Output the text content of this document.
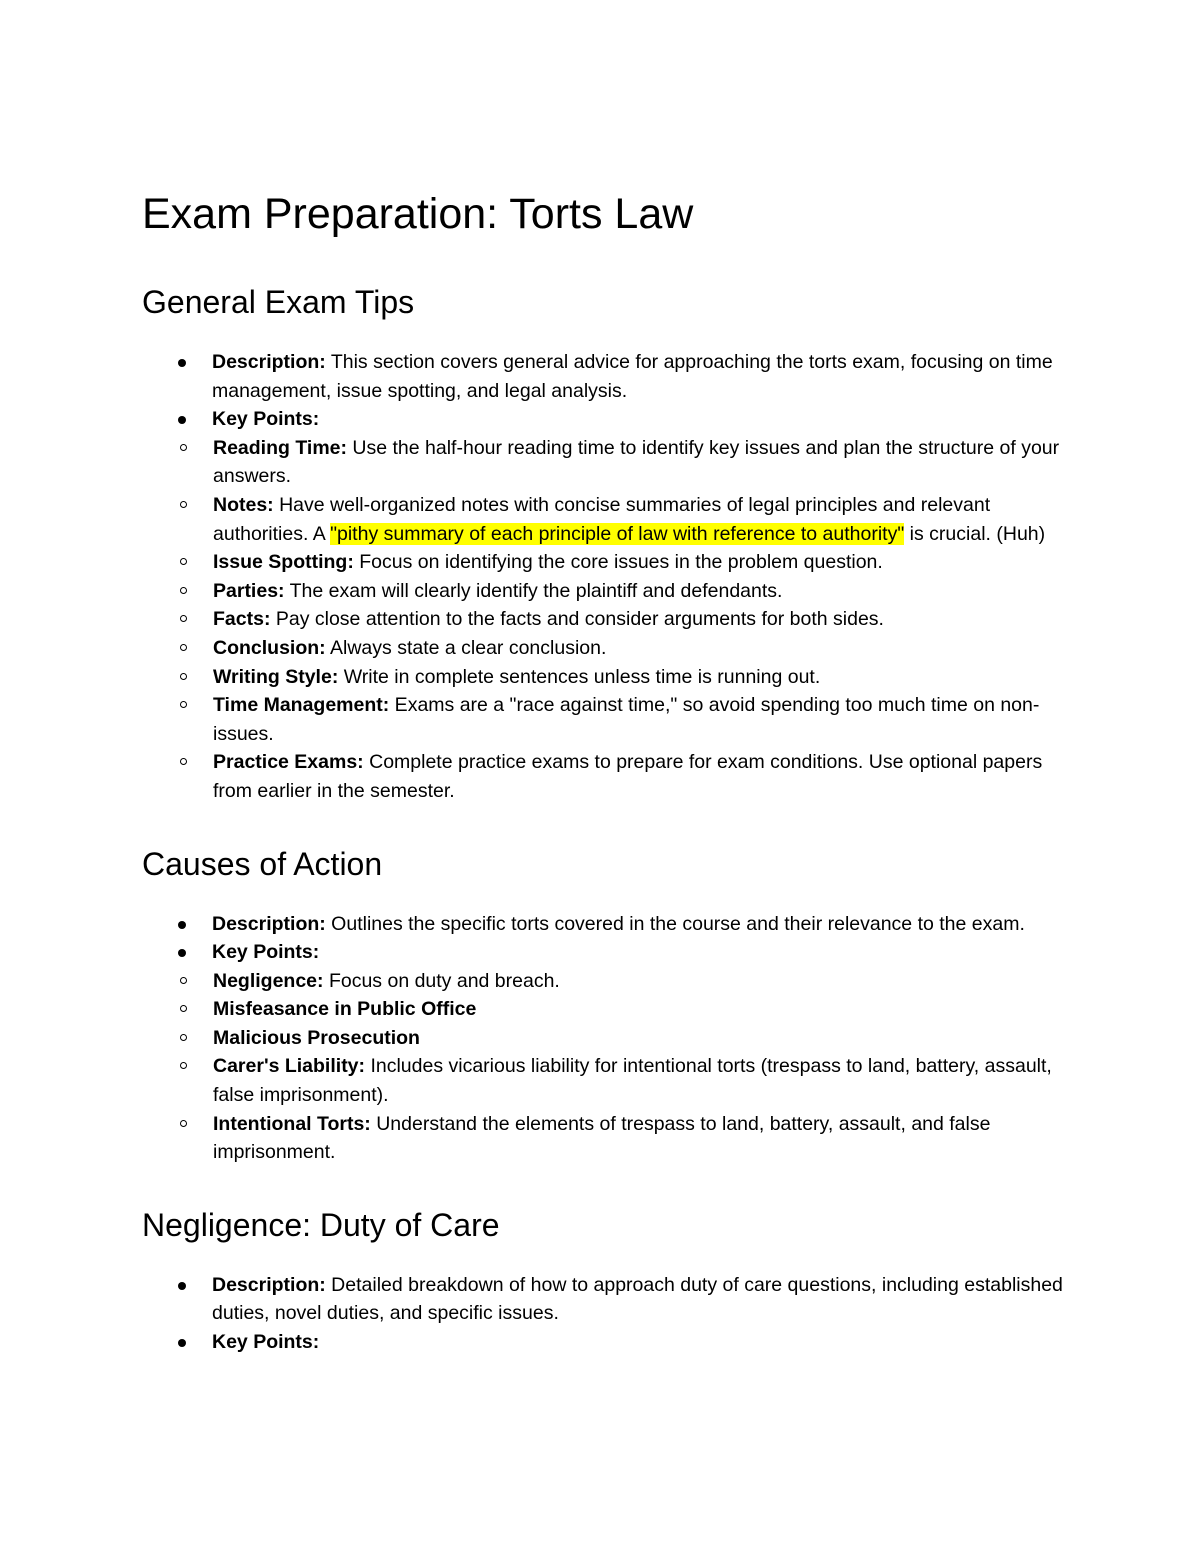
Exam Preparation: Torts Law
General Exam Tips
Description: This section covers general advice for approaching the torts exam, focusing on time management, issue spotting, and legal analysis.
Key Points:
Reading Time: Use the half-hour reading time to identify key issues and plan the structure of your answers.
Notes: Have well-organized notes with concise summaries of legal principles and relevant authorities. A "pithy summary of each principle of law with reference to authority" is crucial. (Huh)
Issue Spotting: Focus on identifying the core issues in the problem question.
Parties: The exam will clearly identify the plaintiff and defendants.
Facts: Pay close attention to the facts and consider arguments for both sides.
Conclusion: Always state a clear conclusion.
Writing Style: Write in complete sentences unless time is running out.
Time Management: Exams are a "race against time," so avoid spending too much time on non-issues.
Practice Exams: Complete practice exams to prepare for exam conditions. Use optional papers from earlier in the semester.
Causes of Action
Description: Outlines the specific torts covered in the course and their relevance to the exam.
Key Points:
Negligence: Focus on duty and breach.
Misfeasance in Public Office
Malicious Prosecution
Carer's Liability: Includes vicarious liability for intentional torts (trespass to land, battery, assault, false imprisonment).
Intentional Torts: Understand the elements of trespass to land, battery, assault, and false imprisonment.
Negligence: Duty of Care
Description: Detailed breakdown of how to approach duty of care questions, including established duties, novel duties, and specific issues.
Key Points:
